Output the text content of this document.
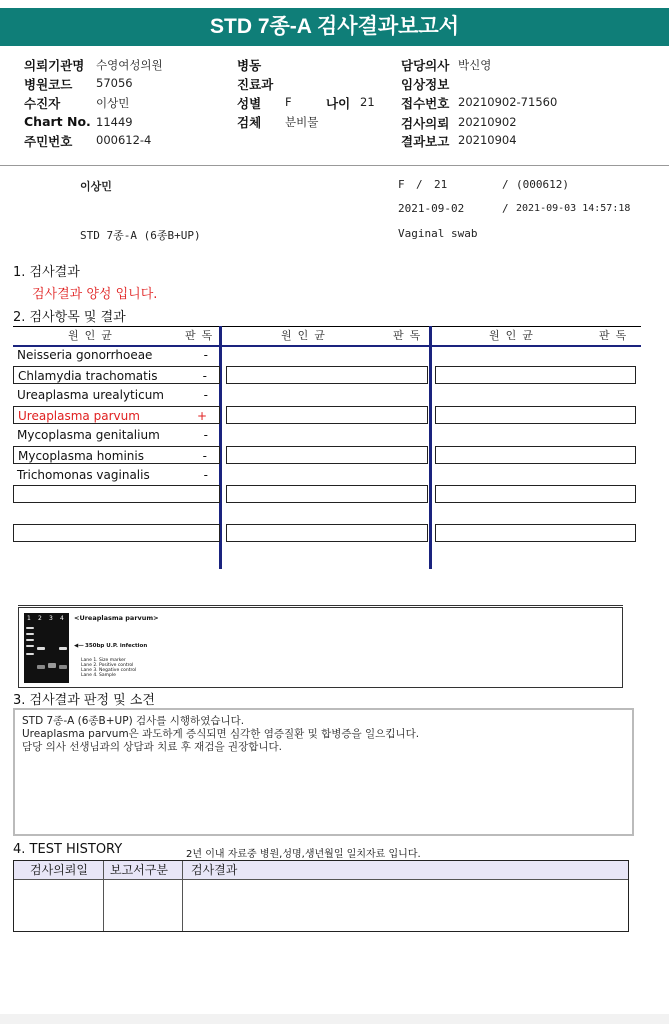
STD 7종-A 검사결과보고서
의뢰기관명 수영여성의원
병원코드 57056
수진자	이상민
Chart No. 11449
주민번호 000612-4
병동
진료과
성별 F	나이 21
검체 분비물
담당의사 박신영
임상정보
접수번호 20210902-71560
검사의뢰 20210902
결과보고 20210904
이상민	F / 21	/ (000612)
2021-09-02	/ 2021-09-03 14:57:18
STD 7종-A (6종B+UP)	Vaginal swab
1. 검사결과
검사결과 양성 입니다.
2. 검사항목 및 결과
원인균	판독	원인균	판독	원인균	판독
Neisseria gonorrhoeae	-
Chlamydia trachomatis	-
Ureaplasma urealyticum	-
Ureaplasma parvum	+
Mycoplasma genitalium	-
Mycoplasma hominis	-
Trichomonas vaginalis	-
1 2 3 4 <Ureaplasma parvum>
◀— 350bp U.P. infection
Lane 1. Size marker
Lane 2. Positive control
Lane 3. Negative control
Lane 4. Sample
3. 검사결과 판정 및 소견
STD 7종-A (6종B+UP) 검사를 시행하였습니다.
Ureaplasma parvum은 과도하게 증식되면 심각한 염증질환 및 합병증을 일으킵니다.
담당 의사 선생님과의 상담과 치료 후 재검을 권장합니다.
4. TEST HISTORY	2년 이내 자료중 병원,성명,생년월일 일치자료 입니다.
검사의뢰일 보고서구분 검사결과
